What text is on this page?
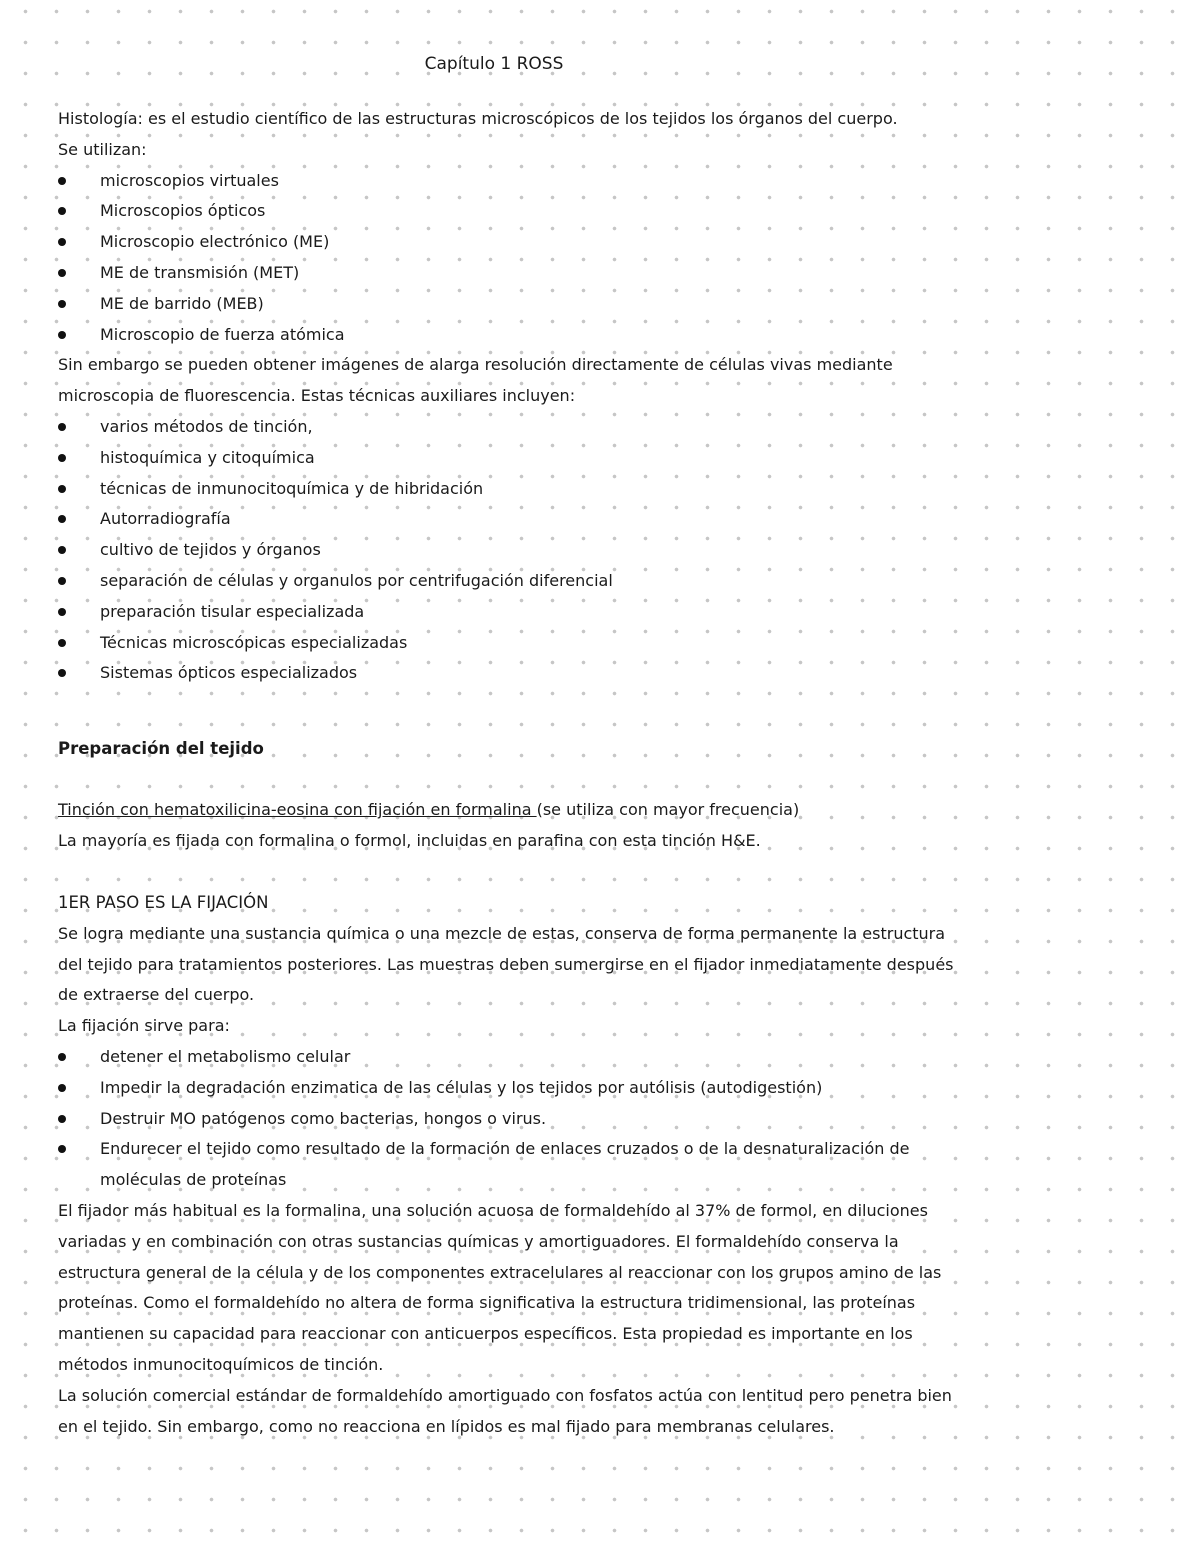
Capítulo 1 ROSS

Histología: es el estudio científico de las estructuras microscópicos de los tejidos los órganos del cuerpo.

Se utilizan:

microscopios virtuales
Microscopios ópticos
Microscopio electrónico (ME)
ME de transmisión (MET)
ME de barrido (MEB)
Microscopio de fuerza atómica

Sin embargo se pueden obtener imágenes de alarga resolución directamente de células vivas mediante

microscopia de fluorescencia. Estas técnicas auxiliares incluyen:

varios métodos de tinción,
histoquímica y citoquímica
técnicas de inmunocitoquímica y de hibridación
Autorradiografía
cultivo de tejidos y órganos
separación de células y organulos por centrifugación diferencial
preparación tisular especializada
Técnicas microscópicas especializadas
Sistemas ópticos especializados

Preparación del tejido

Tinción con hematoxilicina-eosina con fijación en formalina (se utiliza con mayor frecuencia)

La mayoría es fijada con formalina o formol, incluidas en parafina con esta tinción H&E.

1ER PASO ES LA FIJACIÓN

Se logra mediante una sustancia química o una mezcle de estas, conserva de forma permanente la estructura

del tejido para tratamientos posteriores. Las muestras deben sumergirse en el fijador inmediatamente después

de extraerse del cuerpo.

La fijación sirve para:

detener el metabolismo celular
Impedir la degradación enzimatica de las células y los tejidos por autólisis (autodigestión)
Destruir MO patógenos como bacterias, hongos o virus.
Endurecer el tejido como resultado de la formación de enlaces cruzados o de la desnaturalización de
moléculas de proteínas

El fijador más habitual es la formalina, una solución acuosa de formaldehído al 37% de formol, en diluciones

variadas y en combinación con otras sustancias químicas y amortiguadores. El formaldehído conserva la

estructura general de la célula y de los componentes extracelulares al reaccionar con los grupos amino de las

proteínas. Como el formaldehído no altera de forma significativa la estructura tridimensional, las proteínas

mantienen su capacidad para reaccionar con anticuerpos específicos. Esta propiedad es importante en los

métodos inmunocitoquímicos de tinción.

La solución comercial estándar de formaldehído amortiguado con fosfatos actúa con lentitud pero penetra bien

en el tejido. Sin embargo, como no reacciona en lípidos es mal fijado para membranas celulares.
